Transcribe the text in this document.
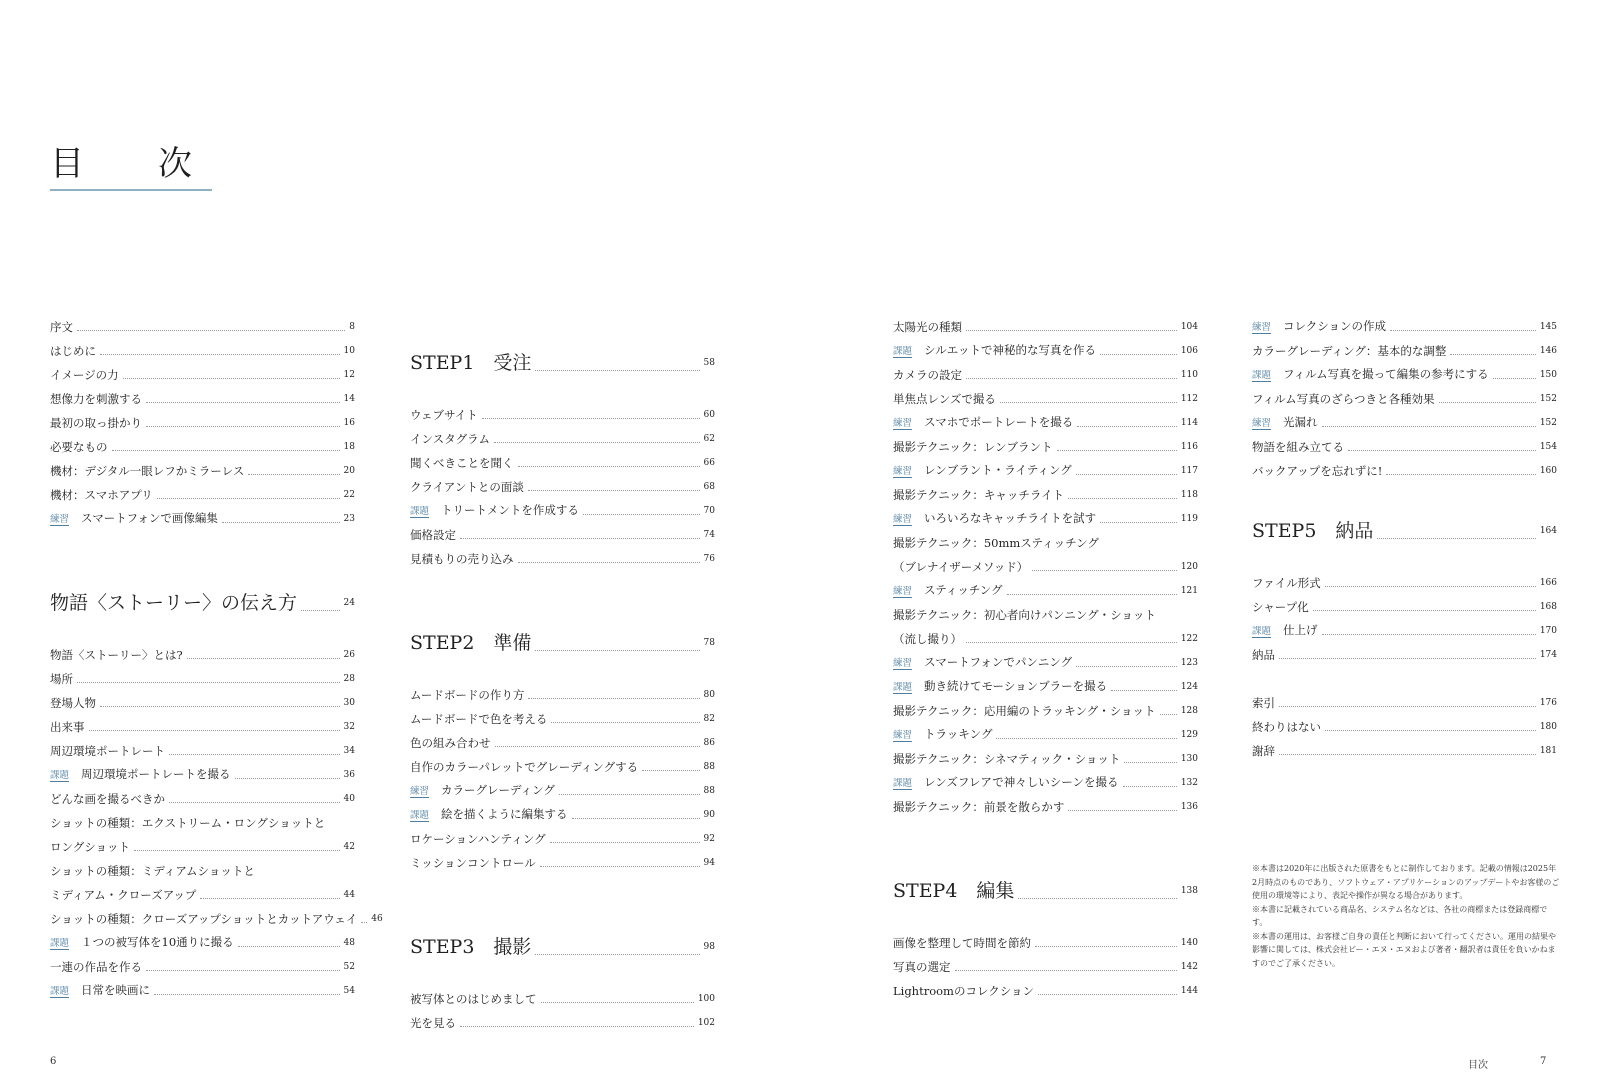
目　次
序文	8
はじめに	10
イメージの力	12
想像力を刺激する	14
最初の取っ掛かり	16
必要なもの	18
機材：デジタル一眼レフかミラーレス	20
機材：スマホアプリ	22
練習 スマートフォンで画像編集	23
物語〈ストーリー〉の伝え方	24
物語〈ストーリー〉とは?	26
場所	28
登場人物	30
出来事	32
周辺環境ポートレート	34
課題 周辺環境ポートレートを撮る	36
どんな画を撮るべきか	40
ショットの種類：エクストリーム・ロングショットと
ロングショット	42
ショットの種類：ミディアムショットと
ミディアム・クローズアップ	44
ショットの種類：クローズアップショットとカットアウェイ 46
課題 １つの被写体を10通りに撮る	48
一連の作品を作る	52
課題 日常を映画に	54
STEP1　受注	58
ウェブサイト	60
インスタグラム	62
聞くべきことを聞く	66
クライアントとの面談	68
課題 トリートメントを作成する	70
価格設定	74
見積もりの売り込み	76
STEP2　準備	78
ムードボードの作り方	80
ムードボードで色を考える	82
色の組み合わせ	86
自作のカラーパレットでグレーディングする	88
練習 カラーグレーディング	88
課題 絵を描くように編集する	90
ロケーションハンティング	92
ミッションコントロール	94
STEP3　撮影	98
被写体とのはじめまして	100
光を見る	102
太陽光の種類	104
課題 シルエットで神秘的な写真を作る	106
カメラの設定	110
単焦点レンズで撮る	112
練習 スマホでポートレートを撮る	114
撮影テクニック：レンブラント	116
練習 レンブラント・ライティング	117
撮影テクニック：キャッチライト	118
練習 いろいろなキャッチライトを試す	119
撮影テクニック：50mmスティッチング
（ブレナイザーメソッド）	120
練習 スティッチング	121
撮影テクニック：初心者向けパンニング・ショット
（流し撮り）	122
練習 スマートフォンでパンニング	123
課題 動き続けてモーションブラーを撮る	124
撮影テクニック：応用編のトラッキング・ショット	128
練習 トラッキング	129
撮影テクニック：シネマティック・ショット	130
課題 レンズフレアで神々しいシーンを撮る	132
撮影テクニック：前景を散らかす	136
STEP4　編集	138
画像を整理して時間を節約	140
写真の選定	142
Lightroomのコレクション	144
練習 コレクションの作成	145
カラーグレーディング：基本的な調整	146
課題 フィルム写真を撮って編集の参考にする	150
フィルム写真のざらつきと各種効果	152
練習 光漏れ	152
物語を組み立てる	154
バックアップを忘れずに!	160
STEP5　納品	164
ファイル形式	166
シャープ化	168
課題 仕上げ	170
納品	174
索引	176
終わりはない	180
謝辞	181

※本書は2020年に出版された原書をもとに制作しております。記載の情報は2025年2月時点のものであり、ソフトウェア・アプリケーションのアップデートやお客様のご使用の環境等により、表記や操作が異なる場合があります。

※本書に記載されている商品名、システム名などは、各社の商標または登録商標です。

※本書の運用は、お客様ご自身の責任と判断において行ってください。運用の結果や影響に関しては、株式会社ビー・エヌ・エヌおよび著者・翻訳者は責任を負いかねますのでご了承ください。

6	目次	7
